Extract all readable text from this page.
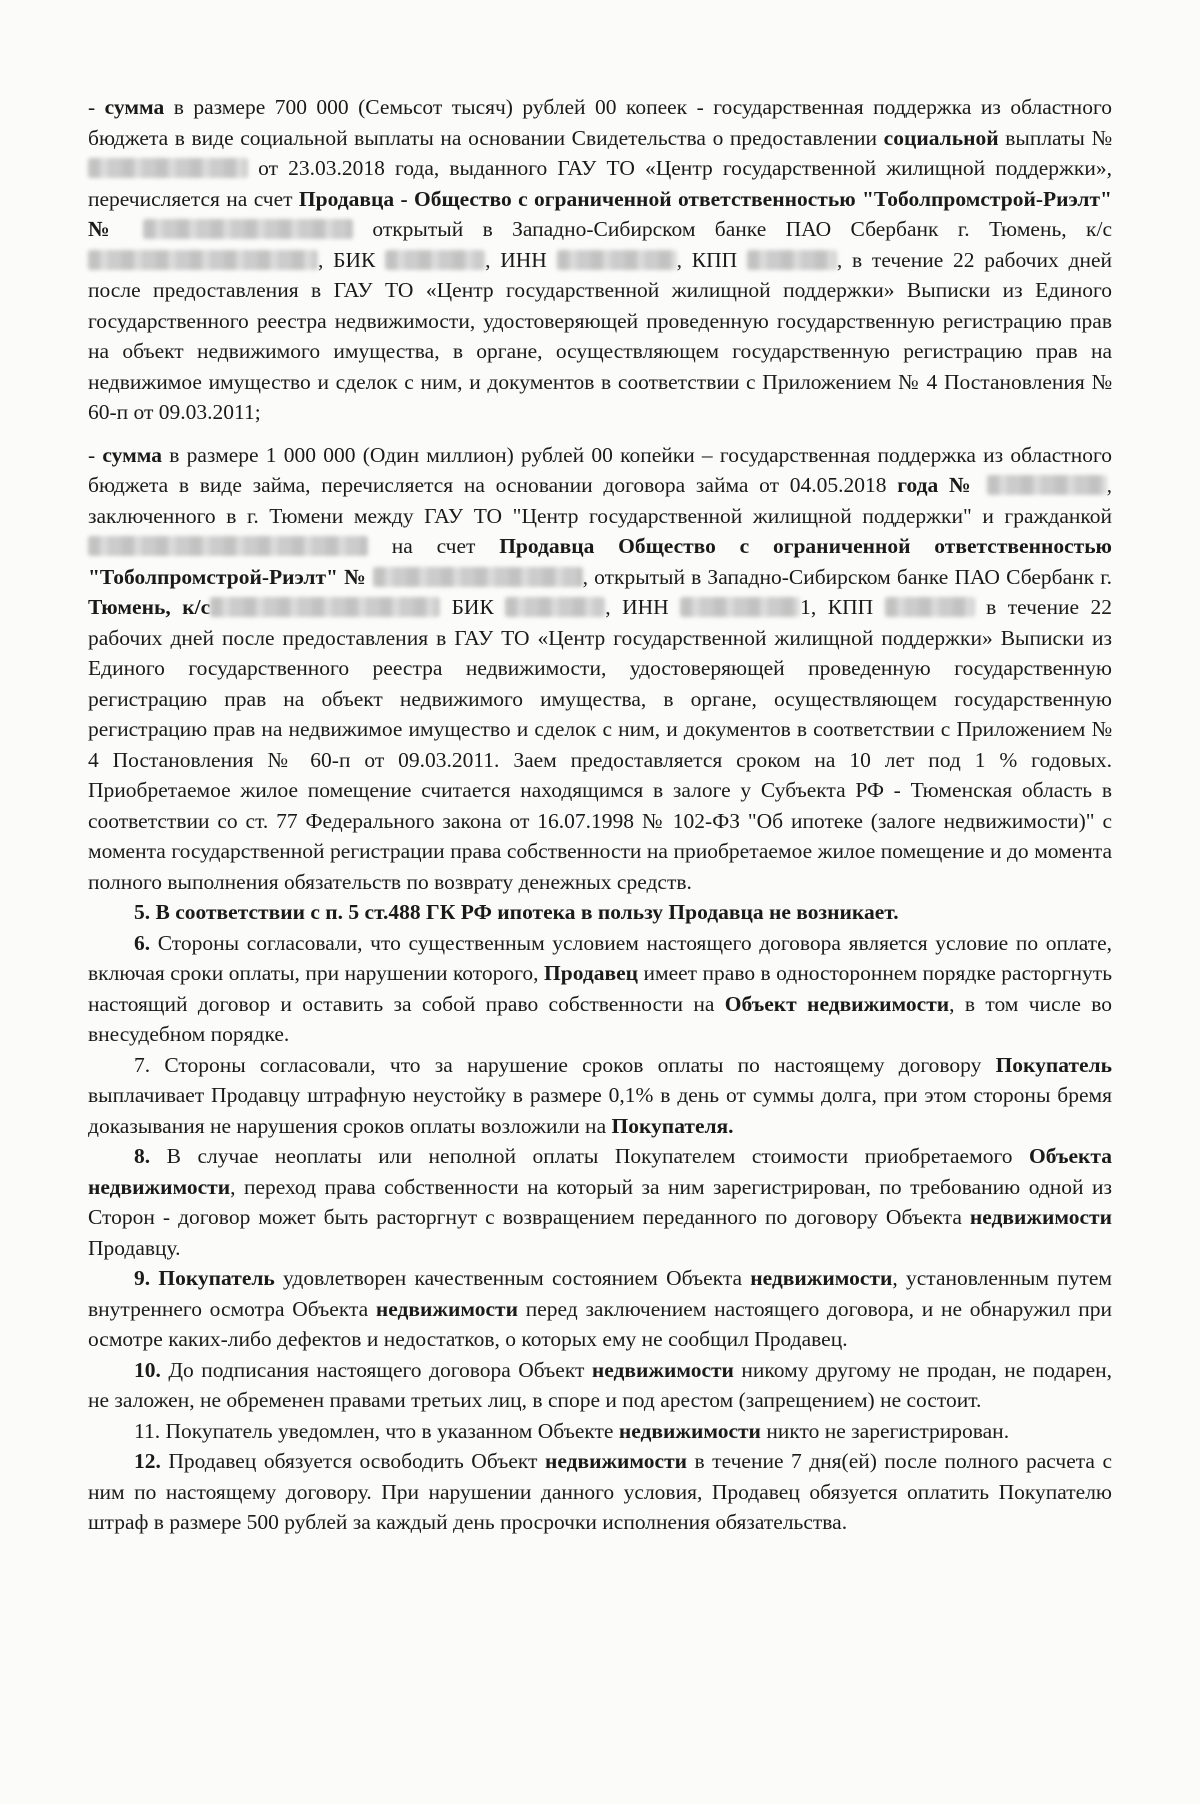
- сумма в размере 700 000 (Семьсот тысяч) рублей 00 копеек - государственная поддержка из областного бюджета в виде социальной выплаты на основании Свидетельства о предоставлении социальной выплаты №  от 23.03.2018 года, выданного ГАУ ТО «Центр государственной жилищной поддержки», перечисляется на счет Продавца - Общество с ограниченной ответственностью "Тоболпромстрой-Риэлт" №	открытый в Западно-Сибирском банке ПАО Сбербанк г. Тюмень, к/с , БИК	, ИНН	, КПП	, в течение 22 рабочих дней после предоставления в ГАУ ТО «Центр государственной жилищной поддержки» Выписки из Единого государственного реестра недвижимости, удостоверяющей проведенную государственную регистрацию прав на объект недвижимого имущества, в органе, осуществляющем государственную регистрацию прав на недвижимое имущество и сделок с ним, и документов в соответствии с Приложением № 4 Постановления № 60-п от 09.03.2011;

- сумма в размере 1 000 000 (Один миллион) рублей 00 копейки – государственная поддержка из областного бюджета в виде займа, перечисляется на основании договора займа от 04.05.2018 года №	, заключенного в г. Тюмени между ГАУ ТО "Центр государственной жилищной поддержки" и гражданкой  на счет Продавца Общество с ограниченной ответственностью "Тоболпромстрой-Риэлт" №	, открытый в Западно-Сибирском банке ПАО Сбербанк г. Тюмень, к/с	БИК	, ИНН	1, КПП	в течение 22 рабочих дней после предоставления в ГАУ ТО «Центр государственной жилищной поддержки» Выписки из Единого государственного реестра недвижимости, удостоверяющей проведенную государственную регистрацию прав на объект недвижимого имущества, в органе, осуществляющем государственную регистрацию прав на недвижимое имущество и сделок с ним, и документов в соответствии с Приложением № 4 Постановления № 60-п от 09.03.2011. Заем предоставляется сроком на 10 лет под 1 % годовых. Приобретаемое жилое помещение считается находящимся в залоге у Субъекта РФ - Тюменская область в соответствии со ст. 77 Федерального закона от 16.07.1998 № 102-ФЗ "Об ипотеке (залоге недвижимости)" с момента государственной регистрации права собственности на приобретаемое жилое помещение и до момента полного выполнения обязательств по возврату денежных средств.

5. В соответствии с п. 5 ст.488 ГК РФ ипотека в пользу Продавца не возникает.

6. Стороны согласовали, что существенным условием настоящего договора является условие по оплате, включая сроки оплаты, при нарушении которого, Продавец имеет право в одностороннем порядке расторгнуть настоящий договор и оставить за собой право собственности на Объект недвижимости, в том числе во внесудебном порядке.

7. Стороны согласовали, что за нарушение сроков оплаты по настоящему договору Покупатель выплачивает Продавцу штрафную неустойку в размере 0,1% в день от суммы долга, при этом стороны бремя доказывания не нарушения сроков оплаты возложили на Покупателя.

8. В случае неоплаты или неполной оплаты Покупателем стоимости приобретаемого Объекта недвижимости, переход права собственности на который за ним зарегистрирован, по требованию одной из Сторон - договор может быть расторгнут с возвращением переданного по договору Объекта недвижимости Продавцу.

9. Покупатель удовлетворен качественным состоянием Объекта недвижимости, установленным путем внутреннего осмотра Объекта недвижимости перед заключением настоящего договора, и не обнаружил при осмотре каких-либо дефектов и недостатков, о которых ему не сообщил Продавец.

10. До подписания настоящего договора Объект недвижимости никому другому не продан, не подарен, не заложен, не обременен правами третьих лиц, в споре и под арестом (запрещением) не состоит.

11. Покупатель уведомлен, что в указанном Объекте недвижимости никто не зарегистрирован.

12. Продавец обязуется освободить Объект недвижимости в течение 7 дня(ей) после полного расчета с ним по настоящему договору. При нарушении данного условия, Продавец обязуется оплатить Покупателю штраф в размере 500 рублей за каждый день просрочки исполнения обязательства.
